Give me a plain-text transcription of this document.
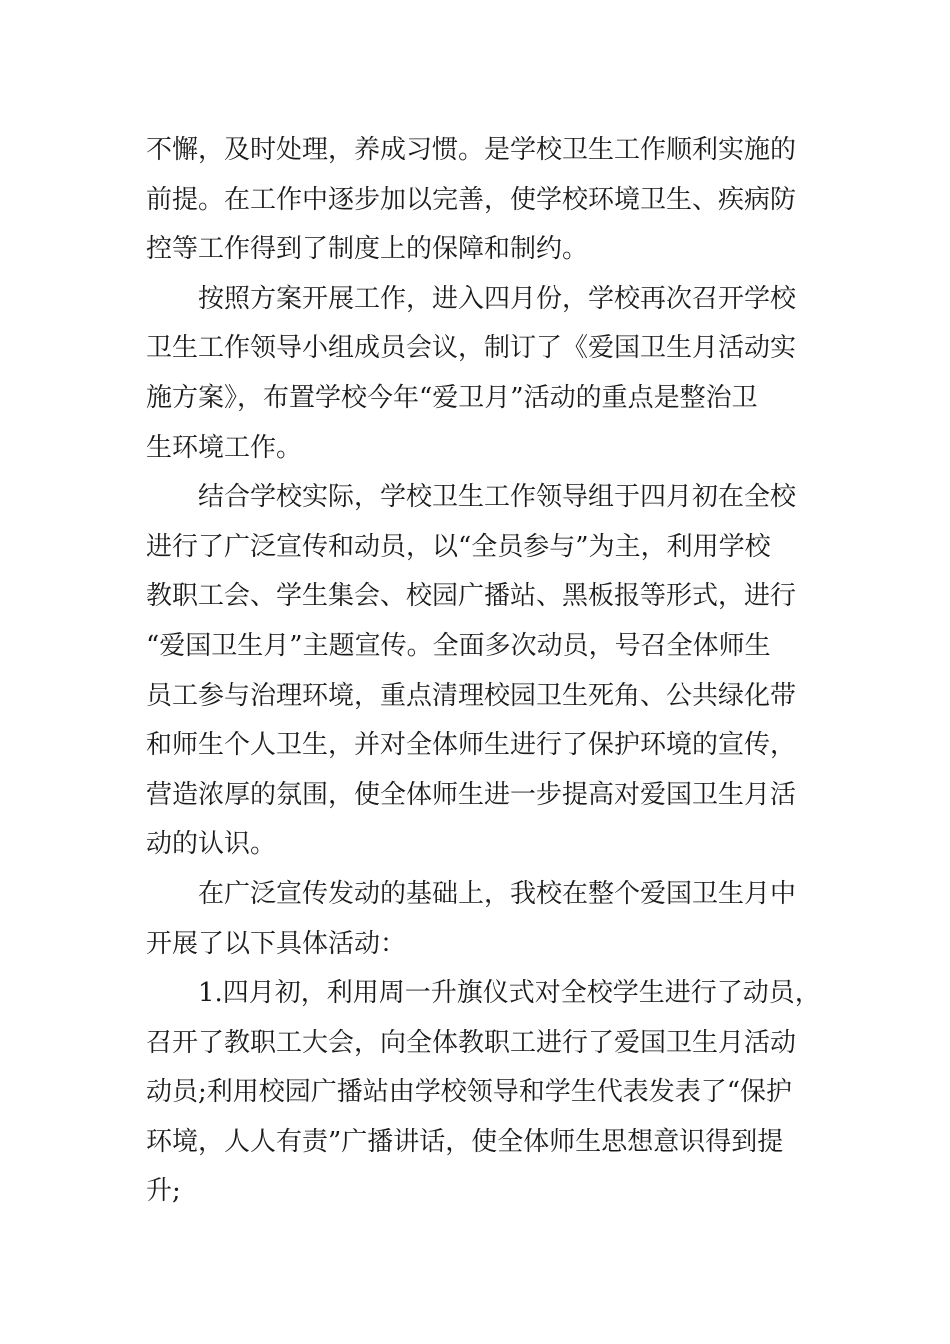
不懈，及时处理，养成习惯。是学校卫生工作顺利实施的
前提。在工作中逐步加以完善，使学校环境卫生、疾病防
控等工作得到了制度上的保障和制约。
按照方案开展工作，进入四月份，学校再次召开学校
卫生工作领导小组成员会议，制订了《爱国卫生月活动实
施方案》，布置学校今年“爱卫月”活动的重点是整治卫
生环境工作。
结合学校实际，学校卫生工作领导组于四月初在全校
进行了广泛宣传和动员，以“全员参与”为主，利用学校
教职工会、学生集会、校园广播站、黑板报等形式，进行
“爱国卫生月”主题宣传。全面多次动员，号召全体师生
员工参与治理环境，重点清理校园卫生死角、公共绿化带
和师生个人卫生，并对全体师生进行了保护环境的宣传，
营造浓厚的氛围，使全体师生进一步提高对爱国卫生月活
动的认识。
在广泛宣传发动的基础上，我校在整个爱国卫生月中
开展了以下具体活动：
1.四月初，利用周一升旗仪式对全校学生进行了动员，
召开了教职工大会，向全体教职工进行了爱国卫生月活动
动员;利用校园广播站由学校领导和学生代表发表了“保护
环境，人人有责”广播讲话，使全体师生思想意识得到提
升;
